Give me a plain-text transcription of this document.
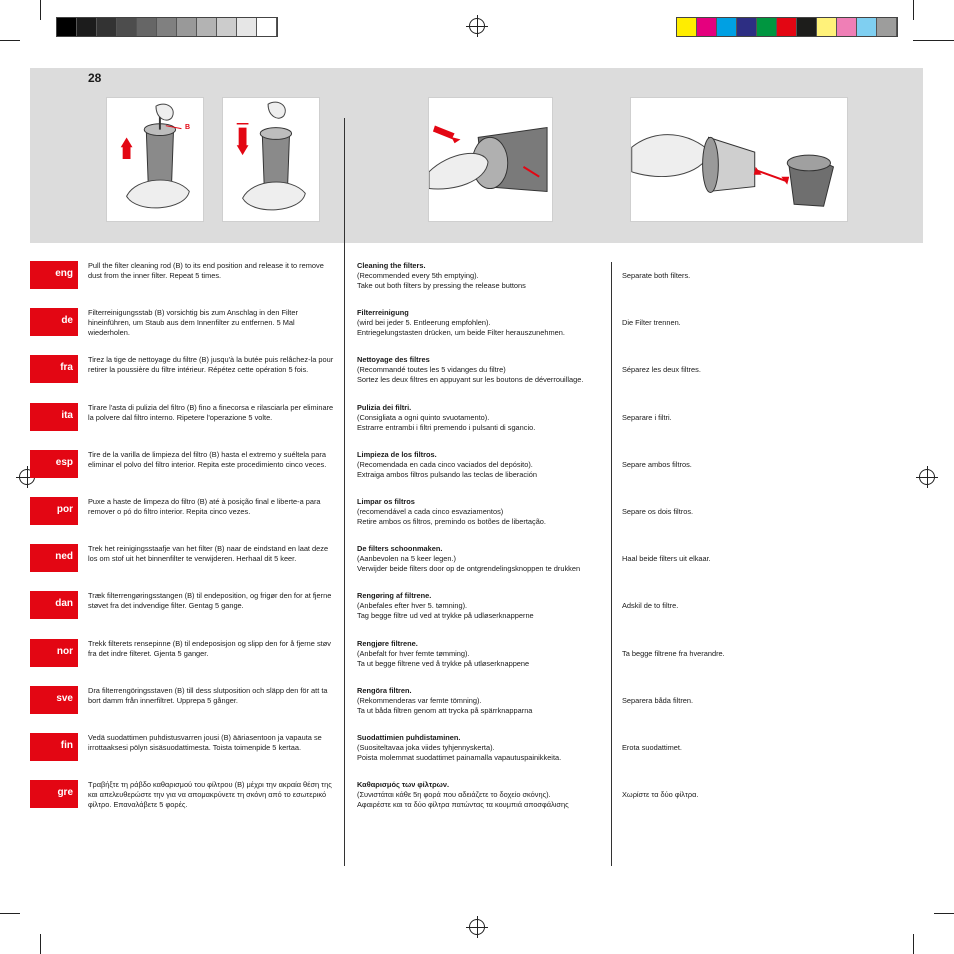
28
B
eng
Pull the filter cleaning rod (B) to its end position and release it to remove dust from the inner filter. Repeat 5 times.
Cleaning the filters.
(Recommended every 5th emptying).
Take out both filters by pressing the release buttons
Separate both filters.
de
Filterreinigungsstab (B) vorsichtig bis zum Anschlag in den Filter hineinführen, um Staub aus dem Innenfilter zu entfernen. 5 Mal wiederholen.
Filterreinigung
(wird bei jeder 5. Entleerung empfohlen).
Entriegelungstasten drücken, um beide Filter herauszunehmen.
Die Filter trennen.
fra
Tirez la tige de nettoyage du filtre (B) jusqu'à la butée puis relâchez-la pour retirer la poussière du filtre intérieur. Répétez cette opération 5 fois.
Nettoyage des filtres
(Recommandé toutes les 5 vidanges du filtre)
Sortez les deux filtres en appuyant sur les boutons de déverrouillage.
Séparez les deux filtres.
ita
Tirare l'asta di pulizia del filtro (B) fino a finecorsa e rilasciarla per eliminare la polvere dal filtro interno. Ripetere l'operazione 5 volte.
Pulizia dei filtri.
(Consigliata a ogni quinto svuotamento).
Estrarre entrambi i filtri premendo i pulsanti di sgancio.
Separare i filtri.
esp
Tire de la varilla de limpieza del filtro (B) hasta el extremo y suéltela para eliminar el polvo del filtro interior. Repita este procedimiento cinco veces.
Limpieza de los filtros.
(Recomendada en cada cinco vaciados del depósito).
Extraiga ambos filtros pulsando las teclas de liberación
Separe ambos filtros.
por
Puxe a haste de limpeza do filtro (B) até à posição final e liberte-a para remover o pó do filtro interior. Repita cinco vezes.
Limpar os filtros
(recomendável a cada cinco esvaziamentos)
Retire ambos os filtros, premindo os botões de libertação.
Separe os dois filtros.
ned
Trek het reinigingsstaafje van het filter (B) naar de eindstand en laat deze los om stof uit het binnenfilter te verwijderen. Herhaal dit 5 keer.
De filters schoonmaken.
(Aanbevolen na 5 keer legen.)
Verwijder beide filters door op de ontgrendelingsknoppen te drukken
Haal beide filters uit elkaar.
dan
Træk filterrengøringsstangen (B) til endeposition, og frigør den for at fjerne støvet fra det indvendige filter. Gentag 5 gange.
Rengøring af filtrene.
(Anbefales efter hver 5. tømning).
Tag begge filtre ud ved at trykke på udløserknapperne
Adskil de to filtre.
nor
Trekk filterets rensepinne (B) til endeposisjon og slipp den for å fjerne støv fra det indre filteret. Gjenta 5 ganger.
Rengjøre filtrene.
(Anbefalt for hver femte tømming).
Ta ut begge filtrene ved å trykke på utløserknappene
Ta begge filtrene fra hverandre.
sve
Dra filterrengöringsstaven (B) till dess slutposition och släpp den för att ta bort damm från innerfiltret. Upprepa 5 gånger.
Rengöra filtren.
(Rekommenderas var femte tömning).
Ta ut båda filtren genom att trycka på spärrknapparna
Separera båda filtren.
fin
Vedä suodattimen puhdistusvarren jousi (B) ääriasentoon ja vapauta se irrottaaksesi pölyn sisäsuodattimesta. Toista toimenpide 5 kertaa.
Suodattimien puhdistaminen.
(Suositeltavaa joka viides tyhjennyskerta).
Poista molemmat suodattimet painamalla vapautuspainikkeita.
Erota suodattimet.
gre
Τραβήξτε τη ράβδο καθαρισμού του φίλτρου (B) μέχρι την ακραία θέση της και απελευθερώστε την για να απομακρύνετε τη σκόνη από το εσωτερικό φίλτρο. Επαναλάβετε 5 φορές.
Καθαρισμός των φίλτρων.
(Συνιστάται κάθε 5η φορά που αδειάζετε το δοχείο σκόνης).
Αφαιρέστε και τα δύο φίλτρα πατώντας τα κουμπιά αποσφάλισης
Χωρίστε τα δύο φίλτρα.
